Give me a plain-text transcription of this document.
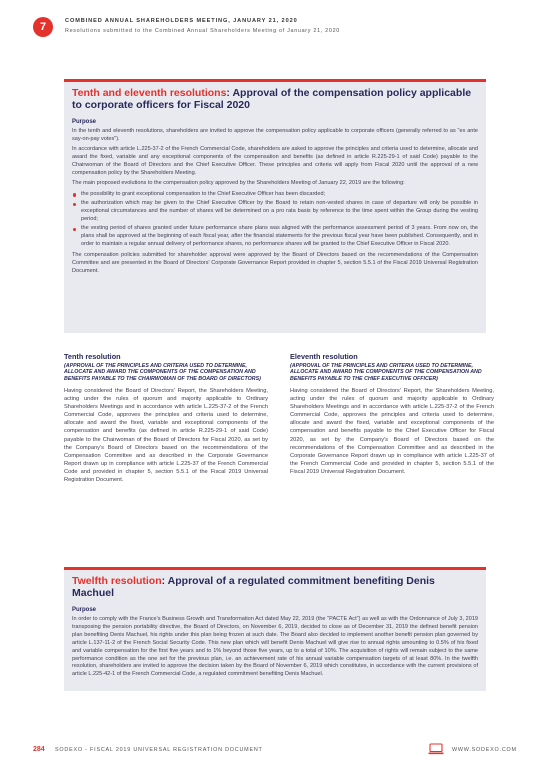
7	COMBINED ANNUAL SHAREHOLDERS MEETING, JANUARY 21, 2020
Resolutions submitted to the Combined Annual Shareholders Meeting of January 21, 2020
Tenth and eleventh resolutions: Approval of the compensation policy applicable to corporate officers for Fiscal 2020
Purpose

In the tenth and eleventh resolutions, shareholders are invited to approve the compensation policy applicable to corporate officers (generally referred to as "ex ante say-on-pay votes").

In accordance with article L.225-37-2 of the French Commercial Code, shareholders are asked to approve the principles and criteria used to determine, allocate and award the fixed, variable and any exceptional components of the compensation and benefits (as defined in article R.225-29-1 of said Code) payable to the Chairwoman of the Board of Directors and the Chief Executive Officer. These principles and criteria will apply from Fiscal 2020 until the approval of a new compensation policy by the Shareholders Meeting.

The main proposed evolutions to the compensation policy approved by the Shareholders Meeting of January 22, 2019 are the following:

the possibility to grant exceptional compensation to the Chief Executive Officer has been discarded;
the authorization which may be given to the Chief Executive Officer by the Board to retain non-vested shares in case of departure will only be possible in exceptional circumstances and the number of shares will be determined on a pro rata basis by reference to the time spent within the Group during the vesting period;
the vesting period of shares granted under future performance share plans was aligned with the performance assessment period of 3 years. From now on, the plans shall be approved at the beginning of each fiscal year, after the financial statements for the previous fiscal year have been published. Consequently, and in order to maintain a regular annual delivery of performance shares, no performance shares will be granted to the Chief Executive Officer in Fiscal 2020.

The compensation policies submitted for shareholder approval were approved by the Board of Directors based on the recommendations of the Compensation Committee and are presented in the Board of Directors' Corporate Governance Report provided in chapter 5, section 5.5.1 of the Fiscal 2019 Universal Registration Document.

Tenth resolution
(APPROVAL OF THE PRINCIPLES AND CRITERIA USED TO DETERMINE, ALLOCATE AND AWARD THE COMPONENTS OF THE COMPENSATION AND BENEFITS PAYABLE TO THE CHAIRWOMAN OF THE BOARD OF DIRECTORS)

Having considered the Board of Directors' Report, the Shareholders Meeting, acting under the rules of quorum and majority applicable to Ordinary Shareholders Meetings and in accordance with article L.225-37-2 of the French Commercial Code, approves the principles and criteria used to determine, allocate and award the fixed, variable and exceptional components of the compensation and benefits (as defined in article R.225-29-1 of said Code) payable to the Chairwoman of the Board of Directors for Fiscal 2020, as set by the Company's Board of Directors based on the recommendations of the Compensation Committee and as described in the Corporate Governance Report drawn up in compliance with article L.225-37 of the French Commercial Code and provided in chapter 5, section 5.5.1 of the Fiscal 2019 Universal Registration Document.

Eleventh resolution
(APPROVAL OF THE PRINCIPLES AND CRITERIA USED TO DETERMINE, ALLOCATE AND AWARD THE COMPONENTS OF THE COMPENSATION AND BENEFITS PAYABLE TO THE CHIEF EXECUTIVE OFFICER)

Having considered the Board of Directors' Report, the Shareholders Meeting, acting under the rules of quorum and majority applicable to Ordinary Shareholders Meetings and in accordance with article L.225-37-2 of the French Commercial Code, approves the principles and criteria used to determine, allocate and award the fixed, variable and exceptional components of the compensation and benefits payable to the Chief Executive Officer for Fiscal 2020, as set by the Company's Board of Directors based on the recommendations of the Compensation Committee and as described in the Corporate Governance Report drawn up in compliance with article L.225-37 of the French Commercial Code and provided in chapter 5, section 5.5.1 of the Fiscal 2019 Universal Registration Document.

Twelfth resolution: Approval of a regulated commitment benefiting Denis Machuel
Purpose

In order to comply with the France's Business Growth and Transformation Act dated May 22, 2019 (the "PACTE Act") as well as with the Ordonnance of July 3, 2019 transposing the pension portability directive, the Board of Directors, on November 6, 2019, decided to close as of December 31, 2019 the defined benefit pension plan benefiting Denis Machuel, his rights under this plan being frozen at such date. The Board also decided to implement another benefit pension plan governed by article L.137-11-2 of the French Social Security Code. This new plan which will benefit Denis Machuel will give rise to annual rights amounting to 0.5% of his fixed and variable compensation for the first five years and to 1% beyond those five years, up to a total of 10%. The acquisition of rights will remain subject to the same performance condition as the one set for the previous plan, i.e. an achievement rate of his annual variable compensation targets of at least 80%. In the twelfth resolution, shareholders are invited to approve the decision taken by the Board of November 6, 2019 which constitutes, in accordance with the current provisions of article L.225-42-1 of the French Commercial Code, a regulated commitment benefiting Denis Machuel.

284 SODEXO - FISCAL 2019 UNIVERSAL REGISTRATION DOCUMENT	WWW.SODEXO.COM
